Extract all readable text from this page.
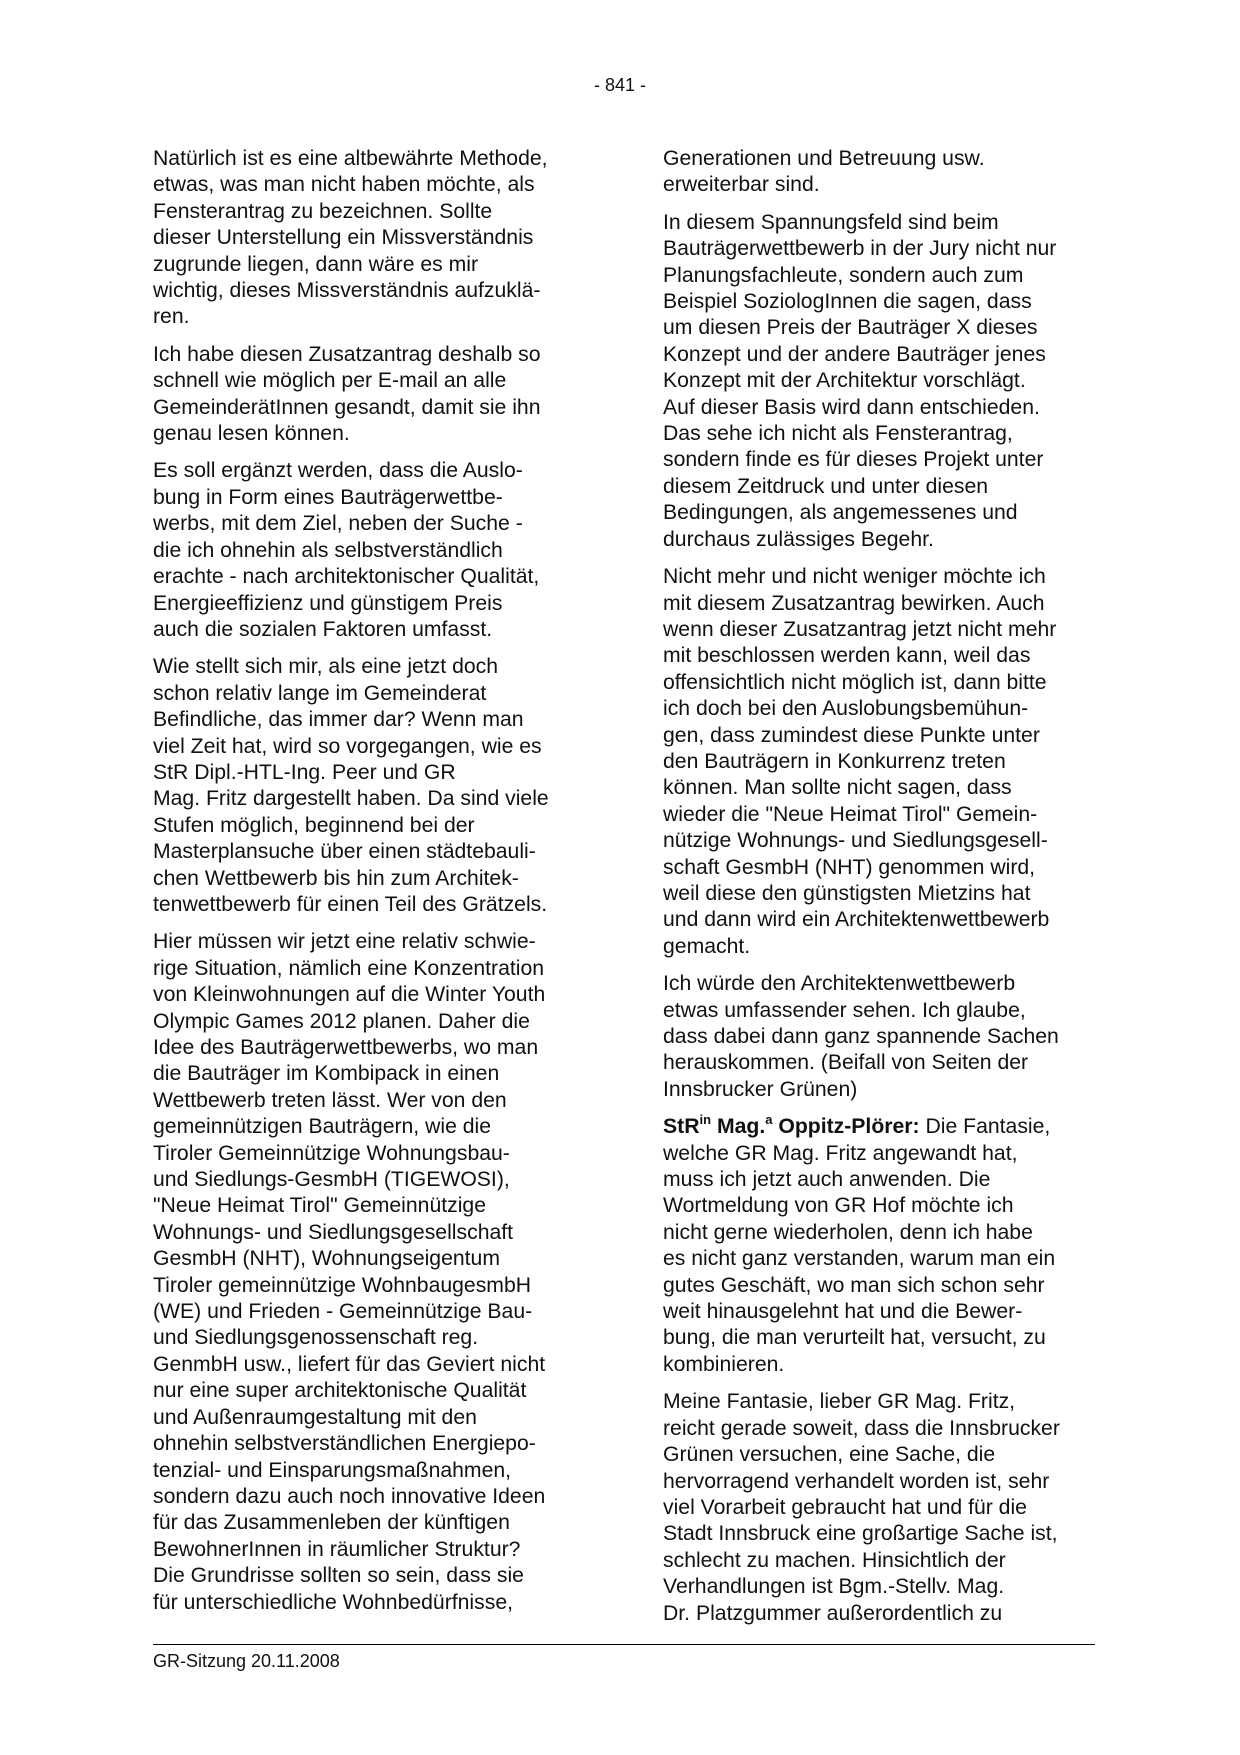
- 841 -

Natürlich ist es eine altbewährte Methode,
etwas, was man nicht haben möchte, als
Fensterantrag zu bezeichnen. Sollte
dieser Unterstellung ein Missverständnis
zugrunde liegen, dann wäre es mir
wichtig, dieses Missverständnis aufzuklä-
ren.

Ich habe diesen Zusatzantrag deshalb so
schnell wie möglich per E-mail an alle
GemeinderätInnen gesandt, damit sie ihn
genau lesen können.

Es soll ergänzt werden, dass die Auslo-
bung in Form eines Bauträgerwettbe-
werbs, mit dem Ziel, neben der Suche -
die ich ohnehin als selbstverständlich
erachte - nach architektonischer Qualität,
Energieeffizienz und günstigem Preis
auch die sozialen Faktoren umfasst.

Wie stellt sich mir, als eine jetzt doch
schon relativ lange im Gemeinderat
Befindliche, das immer dar? Wenn man
viel Zeit hat, wird so vorgegangen, wie es
StR Dipl.-HTL-Ing. Peer und GR
Mag. Fritz dargestellt haben. Da sind viele
Stufen möglich, beginnend bei der
Masterplansuche über einen städtebauli-
chen Wettbewerb bis hin zum Architek-
tenwettbewerb für einen Teil des Grätzels.

Hier müssen wir jetzt eine relativ schwie-
rige Situation, nämlich eine Konzentration
von Kleinwohnungen auf die Winter Youth
Olympic Games 2012 planen. Daher die
Idee des Bauträgerwettbewerbs, wo man
die Bauträger im Kombipack in einen
Wettbewerb treten lässt. Wer von den
gemeinnützigen Bauträgern, wie die
Tiroler Gemeinnützige Wohnungsbau-
und Siedlungs-GesmbH (TIGEWOSI),
"Neue Heimat Tirol" Gemeinnützige
Wohnungs- und Siedlungsgesellschaft
GesmbH (NHT), Wohnungseigentum
Tiroler gemeinnützige WohnbaugesmbH
(WE) und Frieden - Gemeinnützige Bau-
und Siedlungsgenossenschaft reg.
GenmbH usw., liefert für das Geviert nicht
nur eine super architektonische Qualität
und Außenraumgestaltung mit den
ohnehin selbstverständlichen Energiepo-
tenzial- und Einsparungsmaßnahmen,
sondern dazu auch noch innovative Ideen
für das Zusammenleben der künftigen
BewohnerInnen in räumlicher Struktur?
Die Grundrisse sollten so sein, dass sie
für unterschiedliche Wohnbedürfnisse,

Generationen und Betreuung usw.
erweiterbar sind.

In diesem Spannungsfeld sind beim
Bauträgerwettbewerb in der Jury nicht nur
Planungsfachleute, sondern auch zum
Beispiel SoziologInnen die sagen, dass
um diesen Preis der Bauträger X dieses
Konzept und der andere Bauträger jenes
Konzept mit der Architektur vorschlägt.
Auf dieser Basis wird dann entschieden.
Das sehe ich nicht als Fensterantrag,
sondern finde es für dieses Projekt unter
diesem Zeitdruck und unter diesen
Bedingungen, als angemessenes und
durchaus zulässiges Begehr.

Nicht mehr und nicht weniger möchte ich
mit diesem Zusatzantrag bewirken. Auch
wenn dieser Zusatzantrag jetzt nicht mehr
mit beschlossen werden kann, weil das
offensichtlich nicht möglich ist, dann bitte
ich doch bei den Auslobungsbemühun-
gen, dass zumindest diese Punkte unter
den Bauträgern in Konkurrenz treten
können. Man sollte nicht sagen, dass
wieder die "Neue Heimat Tirol" Gemein-
nützige Wohnungs- und Siedlungsgesell-
schaft GesmbH (NHT) genommen wird,
weil diese den günstigsten Mietzins hat
und dann wird ein Architektenwettbewerb
gemacht.

Ich würde den Architektenwettbewerb
etwas umfassender sehen. Ich glaube,
dass dabei dann ganz spannende Sachen
herauskommen. (Beifall von Seiten der
Innsbrucker Grünen)

StR$^{in}$ Mag.$^a$ Oppitz-Plörer: Die Fantasie,
welche GR Mag. Fritz angewandt hat,
muss ich jetzt auch anwenden. Die
Wortmeldung von GR Hof möchte ich
nicht gerne wiederholen, denn ich habe
es nicht ganz verstanden, warum man ein
gutes Geschäft, wo man sich schon sehr
weit hinausgelehnt hat und die Bewer-
bung, die man verurteilt hat, versucht, zu
kombinieren.

Meine Fantasie, lieber GR Mag. Fritz,
reicht gerade soweit, dass die Innsbrucker
Grünen versuchen, eine Sache, die
hervorragend verhandelt worden ist, sehr
viel Vorarbeit gebraucht hat und für die
Stadt Innsbruck eine großartige Sache ist,
schlecht zu machen. Hinsichtlich der
Verhandlungen ist Bgm.-Stellv. Mag.
Dr. Platzgummer außerordentlich zu

GR-Sitzung 20.11.2008
